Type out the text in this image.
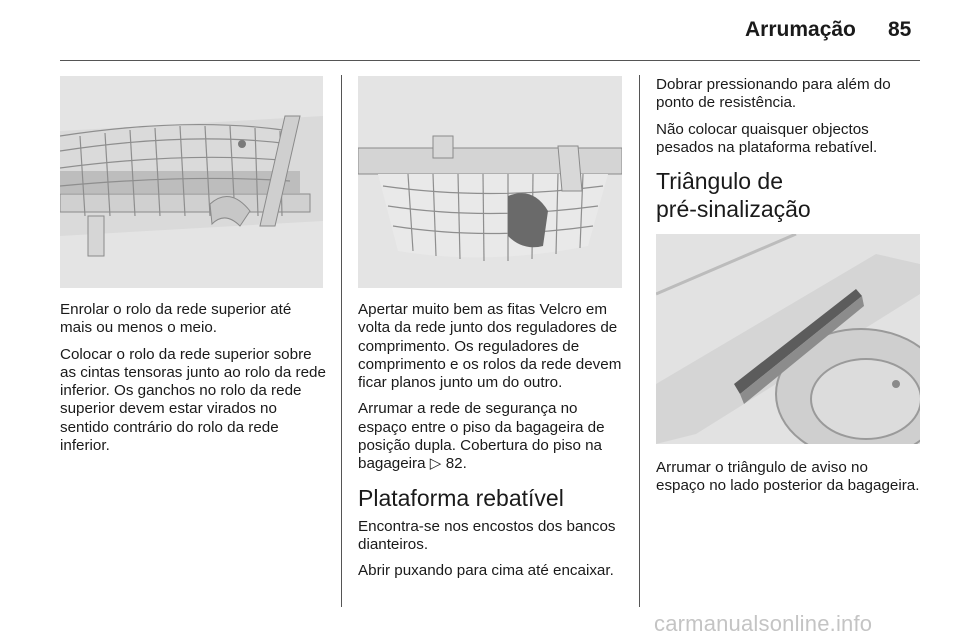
Arrumação 85

Enrolar o rolo da rede superior até mais ou menos o meio.

Colocar o rolo da rede superior sobre as cintas tensoras junto ao rolo da rede inferior. Os ganchos no rolo da rede superior devem estar virados no sentido contrário do rolo da rede inferior.

Apertar muito bem as fitas Velcro em volta da rede junto dos reguladores de comprimento. Os reguladores de comprimento e os rolos da rede devem ficar planos junto um do outro.

Arrumar a rede de segurança no espaço entre o piso da bagageira de posição dupla. Cobertura do piso na bagageira ▷ 82.

Plataforma rebatível

Encontra-se nos encostos dos bancos dianteiros.

Abrir puxando para cima até encaixar.

Dobrar pressionando para além do ponto de resistência.

Não colocar quaisquer objectos pesados na plataforma rebatível.

Triângulo de
pré-sinalização

Arrumar o triângulo de aviso no espaço no lado posterior da bagageira.

carmanualsonline.info
